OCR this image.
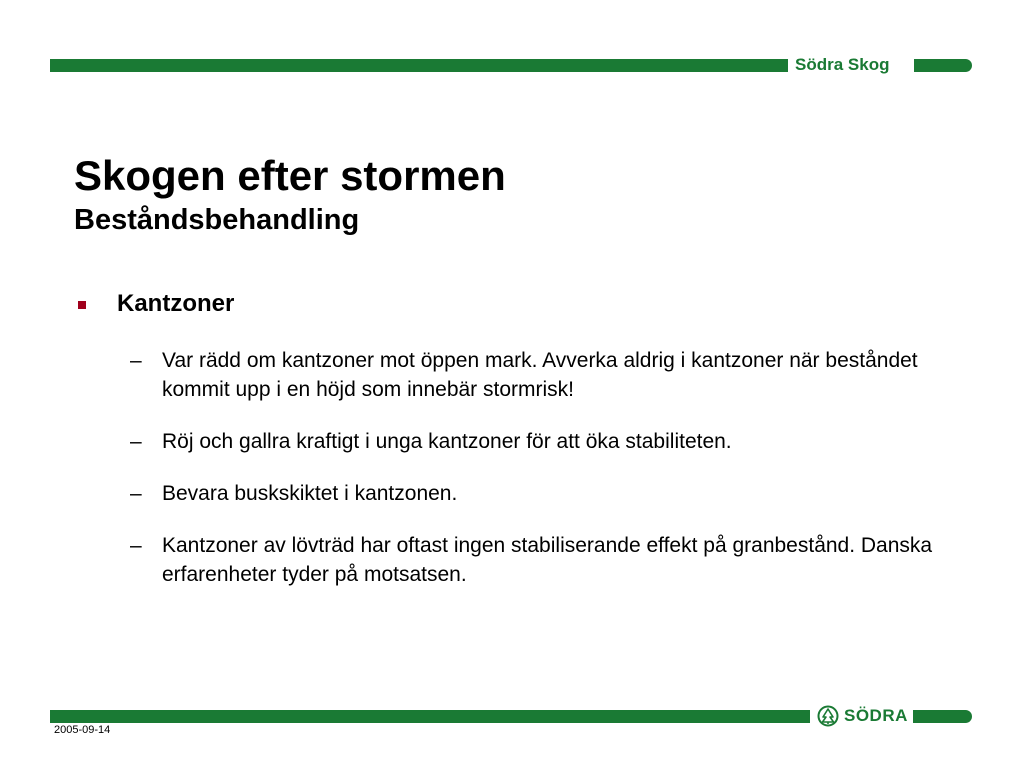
Södra Skog
Skogen efter stormen
Beståndsbehandling
Kantzoner
– Var rädd om kantzoner mot öppen mark. Avverka aldrig i kantzoner när beståndet kommit upp i en höjd som innebär stormrisk!
– Röj och gallra kraftigt i unga kantzoner för att öka stabiliteten.
– Bevara buskskiktet i kantzonen.
– Kantzoner av lövträd har oftast ingen stabiliserande effekt på granbestånd. Danska erfarenheter tyder på motsatsen.
SÖDRA
2005-09-14
